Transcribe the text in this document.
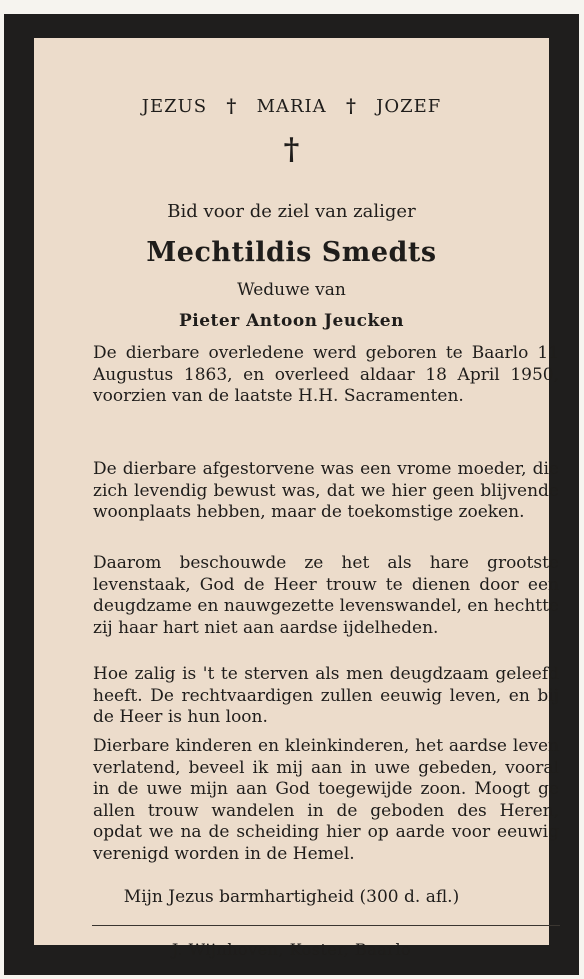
JEZUS † MARIA † JOZEF
†
Bid voor de ziel van zaliger
Mechtildis Smedts
Weduwe van
Pieter Antoon Jeucken
De dierbare overledene werd geboren te Baarlo 11 Augustus 1863, en overleed aldaar 18 April 1950, voorzien van de laatste H.H. Sacramenten.
De dierbare afgestorvene was een vrome moeder, die zich levendig bewust was, dat we hier geen blijvende woonplaats hebben, maar de toekomstige zoeken.
Daarom beschouwde ze het als hare grootste levenstaak, God de Heer trouw te dienen door een deugdzame en nauwgezette levenswandel, en hechtte zij haar hart niet aan aardse ijdelheden.
Hoe zalig is 't te sterven als men deugdzaam geleefd heeft. De rechtvaardigen zullen eeuwig leven, en bij de Heer is hun loon.
Dierbare kinderen en kleinkinderen, het aardse leven verlatend, beveel ik mij aan in uwe gebeden, vooral in de uwe mijn aan God toegewijde zoon. Moogt ge allen trouw wandelen in de geboden des Heren, opdat we na de scheiding hier op aarde voor eeuwig verenigd worden in de Hemel.
Mijn Jezus barmhartigheid (300 d. afl.)
J. Wijnhoven, Koster, Baarlo
